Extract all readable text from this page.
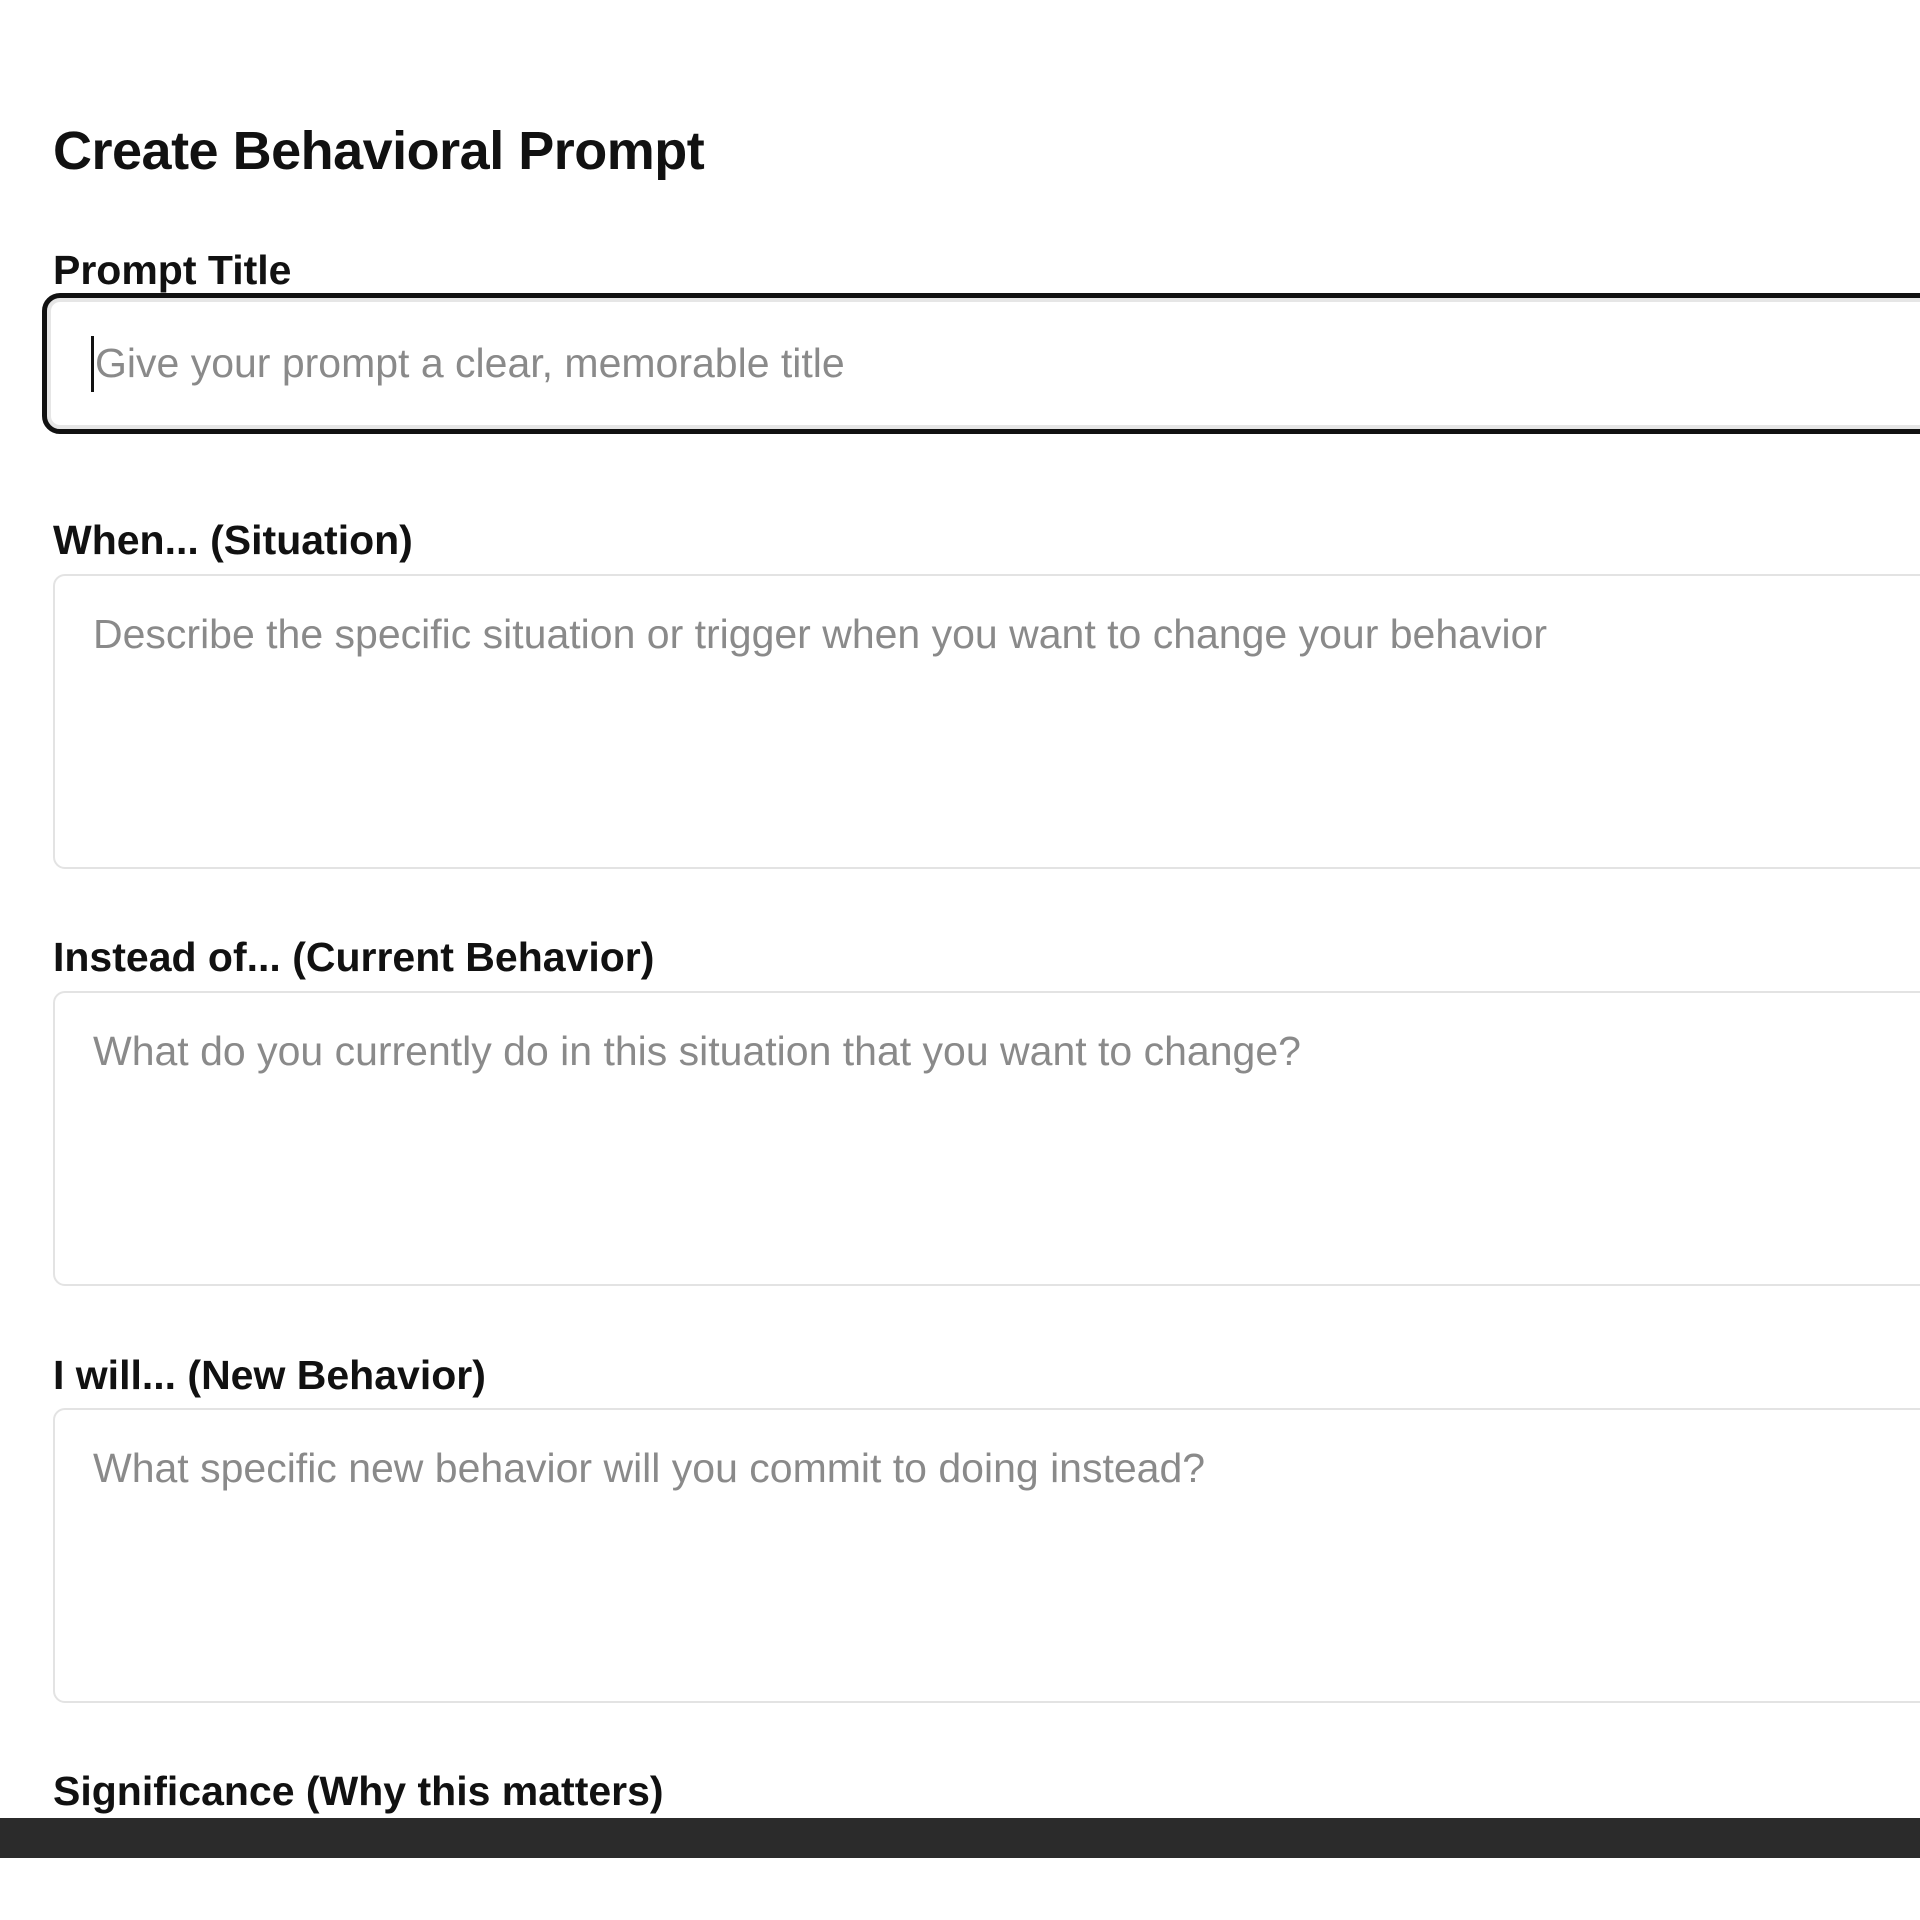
Create Behavioral Prompt
Prompt Title
Give your prompt a clear, memorable title
When... (Situation)
Describe the specific situation or trigger when you want to change your behavior
Instead of... (Current Behavior)
What do you currently do in this situation that you want to change?
I will... (New Behavior)
What specific new behavior will you commit to doing instead?
Significance (Why this matters)
